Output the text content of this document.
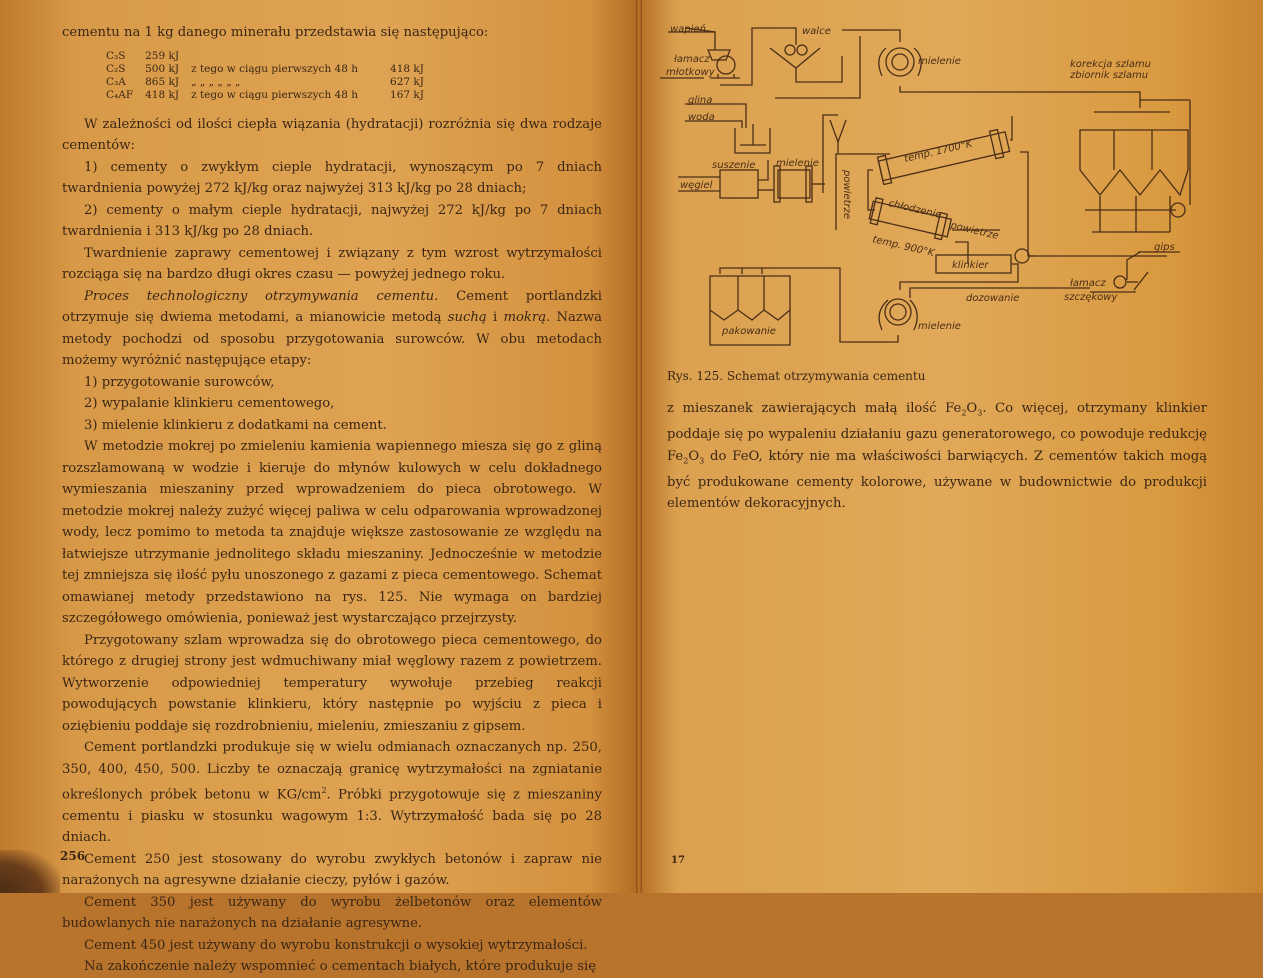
cementu na 1 kg danego minerału przedstawia się następująco:

C₃S	259 kJ		
C₂S	500 kJ	z tego w ciągu pierwszych 48 h	418 kJ
C₃A	865 kJ	„ „ „ „ „ „	627 kJ
C₄AF	418 kJ	z tego w ciągu pierwszych 48 h	167 kJ

W zależności od ilości ciepła wiązania (hydratacji) rozróżnia się dwa rodzaje cementów:

1) cementy o zwykłym cieple hydratacji, wynoszącym po 7 dniach twardnienia powyżej 272 kJ/kg oraz najwyżej 313 kJ/kg po 28 dniach;

2) cementy o małym cieple hydratacji, najwyżej 272 kJ/kg po 7 dniach twardnienia i 313 kJ/kg po 28 dniach.

Twardnienie zaprawy cementowej i związany z tym wzrost wytrzymałości rozciąga się na bardzo długi okres czasu — powyżej jednego roku.

Proces technologiczny otrzymywania cementu. Cement portlandzki otrzymuje się dwiema metodami, a mianowicie metodą suchą i mokrą. Nazwa metody pochodzi od sposobu przygotowania surowców. W obu metodach możemy wyróżnić następujące etapy:

1) przygotowanie surowców,

2) wypalanie klinkieru cementowego,

3) mielenie klinkieru z dodatkami na cement.

W metodzie mokrej po zmieleniu kamienia wapiennego miesza się go z gliną rozszlamowaną w wodzie i kieruje do młynów kulowych w celu dokładnego wymieszania mieszaniny przed wprowadzeniem do pieca obrotowego. W metodzie mokrej należy zużyć więcej paliwa w celu odparowania wprowadzonej wody, lecz pomimo to metoda ta znajduje większe zastosowanie ze względu na łatwiejsze utrzymanie jednolitego składu mieszaniny. Jednocześnie w metodzie tej zmniejsza się ilość pyłu unoszonego z gazami z pieca cementowego. Schemat omawianej metody przedstawiono na rys. 125. Nie wymaga on bardziej szczegółowego omówienia, ponieważ jest wystarczająco przejrzysty.

Przygotowany szlam wprowadza się do obrotowego pieca cementowego, do którego z drugiej strony jest wdmuchiwany miał węglowy razem z powietrzem. Wytworzenie odpowiedniej temperatury wywołuje przebieg reakcji powodujących powstanie klinkieru, który następnie po wyjściu z pieca i oziębieniu poddaje się rozdrobnieniu, mieleniu, zmieszaniu z gipsem.

Cement portlandzki produkuje się w wielu odmianach oznaczanych np. 250, 350, 400, 450, 500. Liczby te oznaczają granicę wytrzymałości na zgniatanie określonych próbek betonu w $KG/cm^2$. Próbki przygotowuje się z mieszaniny cementu i piasku w stosunku wagowym 1:3. Wytrzymałość bada się po 28 dniach.

Cement 250 jest stosowany do wyrobu zwykłych betonów i zapraw nie narażonych na agresywne działanie cieczy, pyłów i gazów.

Cement 350 jest używany do wyrobu żelbetonów oraz elementów budowlanych nie narażonych na działanie agresywne.

Cement 450 jest używany do wyrobu konstrukcji o wysokiej wytrzymałości.

Na zakończenie należy wspomnieć o cementach białych, które produkuje się

256
wapień
łamacz
młotkowy
walce
mielenie	korekcja szlamu
zbiornik szlamu
glina
woda
suszenie mielenie
węgiel	powietrze
temp. 1700°K
chłodzenie
powietrze
temp. 900°K
klinkier
gips
łamacz
szczękowy
dozowanie
mielenie
pakowanie
Rys. 125. Schemat otrzymywania cementu

z mieszanek zawierających małą ilość $Fe_2O_3$. Co więcej, otrzymany klinkier poddaje się po wypaleniu działaniu gazu generatorowego, co powoduje redukcję $Fe_2O_3$ do FeO, który nie ma właściwości barwiących. Z cementów takich mogą być produkowane cementy kolorowe, używane w budownictwie do produkcji elementów dekoracyjnych.

17
